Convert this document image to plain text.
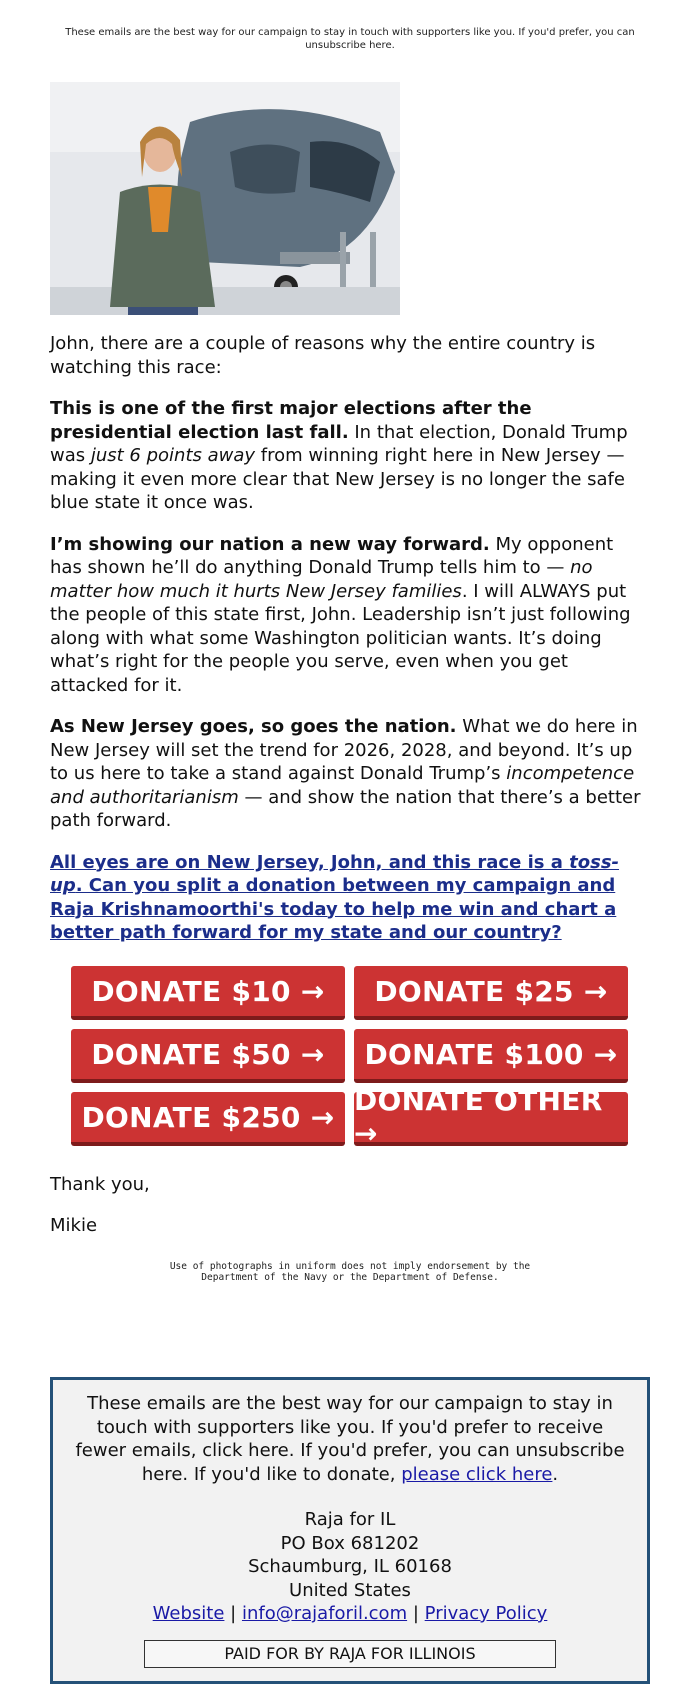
These emails are the best way for our campaign to stay in touch with supporters like you. If you'd prefer, you can unsubscribe here.

John, there are a couple of reasons why the entire country is watching this race:

This is one of the first major elections after the presidential election last fall. In that election, Donald Trump was just 6 points away from winning right here in New Jersey — making it even more clear that New Jersey is no longer the safe blue state it once was.

I’m showing our nation a new way forward. My opponent has shown he’ll do anything Donald Trump tells him to — no matter how much it hurts New Jersey families. I will ALWAYS put the people of this state first, John. Leadership isn’t just following along with what some Washington politician wants. It’s doing what’s right for the people you serve, even when you get attacked for it.

As New Jersey goes, so goes the nation. What we do here in New Jersey will set the trend for 2026, 2028, and beyond. It’s up to us here to take a stand against Donald Trump’s incompetence and authoritarianism — and show the nation that there’s a better path forward.

All eyes are on New Jersey, John, and this race is a toss-up. Can you split a donation between my campaign and Raja Krishnamoorthi's today to help me win and chart a better path forward for my state and our country?

DONATE $10 →	DONATE $25 →
DONATE $50 →	DONATE $100 →
DONATE $250 → DONATE OTHER →
Thank you,
Mikie
Use of photographs in uniform does not imply endorsement by the Department of the Navy or the Department of Defense.
These emails are the best way for our campaign to stay in touch with supporters like you. If you'd prefer to receive fewer emails, click here. If you'd prefer, you can unsubscribe here. If you'd like to donate, please click here.
Raja for IL
PO Box 681202
Schaumburg, IL 60168
United States
Website | info@rajaforil.com | Privacy Policy
PAID FOR BY RAJA FOR ILLINOIS
